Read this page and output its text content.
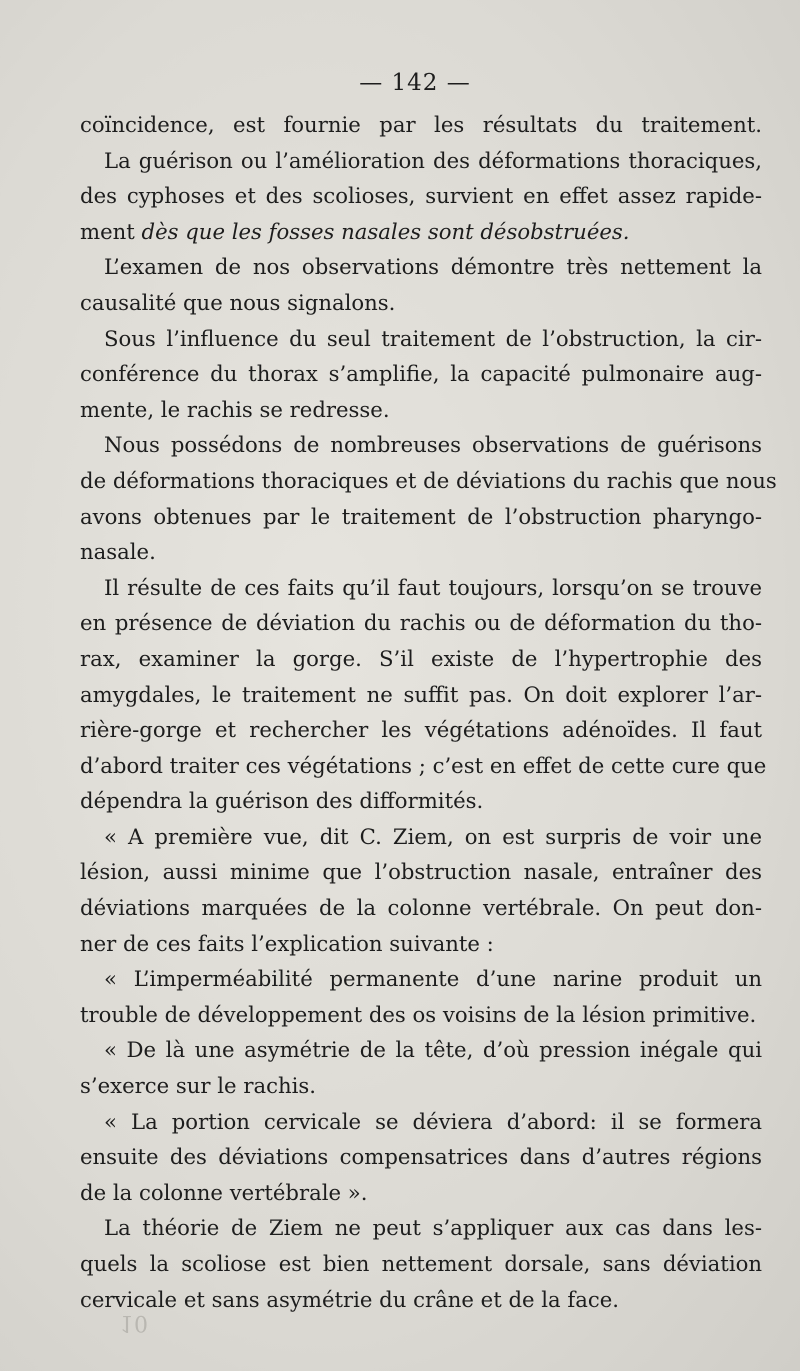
— 142 —
coïncidence, est fournie par les résultats du traitement.
La guérison ou l’amélioration des déformations thoraciques,
des cyphoses et des scolioses, survient en effet assez rapide-
ment dès que les fosses nasales sont désobstruées.
L’examen de nos observations démontre très nettement la
causalité que nous signalons.
Sous l’influence du seul traitement de l’obstruction, la cir-
conférence du thorax s’amplifie, la capacité pulmonaire aug-
mente, le rachis se redresse.
Nous possédons de nombreuses observations de guérisons
de déformations thoraciques et de déviations du rachis que nous
avons obtenues par le traitement de l’obstruction pharyngo-
nasale.
Il résulte de ces faits qu’il faut toujours, lorsqu’on se trouve
en présence de déviation du rachis ou de déformation du tho-
rax, examiner la gorge. S’il existe de l’hypertrophie des
amygdales, le traitement ne suffit pas. On doit explorer l’ar-
rière-gorge et rechercher les végétations adénoïdes. Il faut
d’abord traiter ces végétations ; c’est en effet de cette cure que
dépendra la guérison des difformités.
« A première vue, dit C. Ziem, on est surpris de voir une
lésion, aussi minime que l’obstruction nasale, entraîner des
déviations marquées de la colonne vertébrale. On peut don-
ner de ces faits l’explication suivante :
« L’imperméabilité permanente d’une narine produit un
trouble de développement des os voisins de la lésion primitive.
« De là une asymétrie de la tête, d’où pression inégale qui
s’exerce sur le rachis.
« La portion cervicale se déviera d’abord: il se formera
ensuite des déviations compensatrices dans d’autres régions
de la colonne vertébrale ».
La théorie de Ziem ne peut s’appliquer aux cas dans les-
quels la scoliose est bien nettement dorsale, sans déviation
cervicale et sans asymétrie du crâne et de la face.
10
